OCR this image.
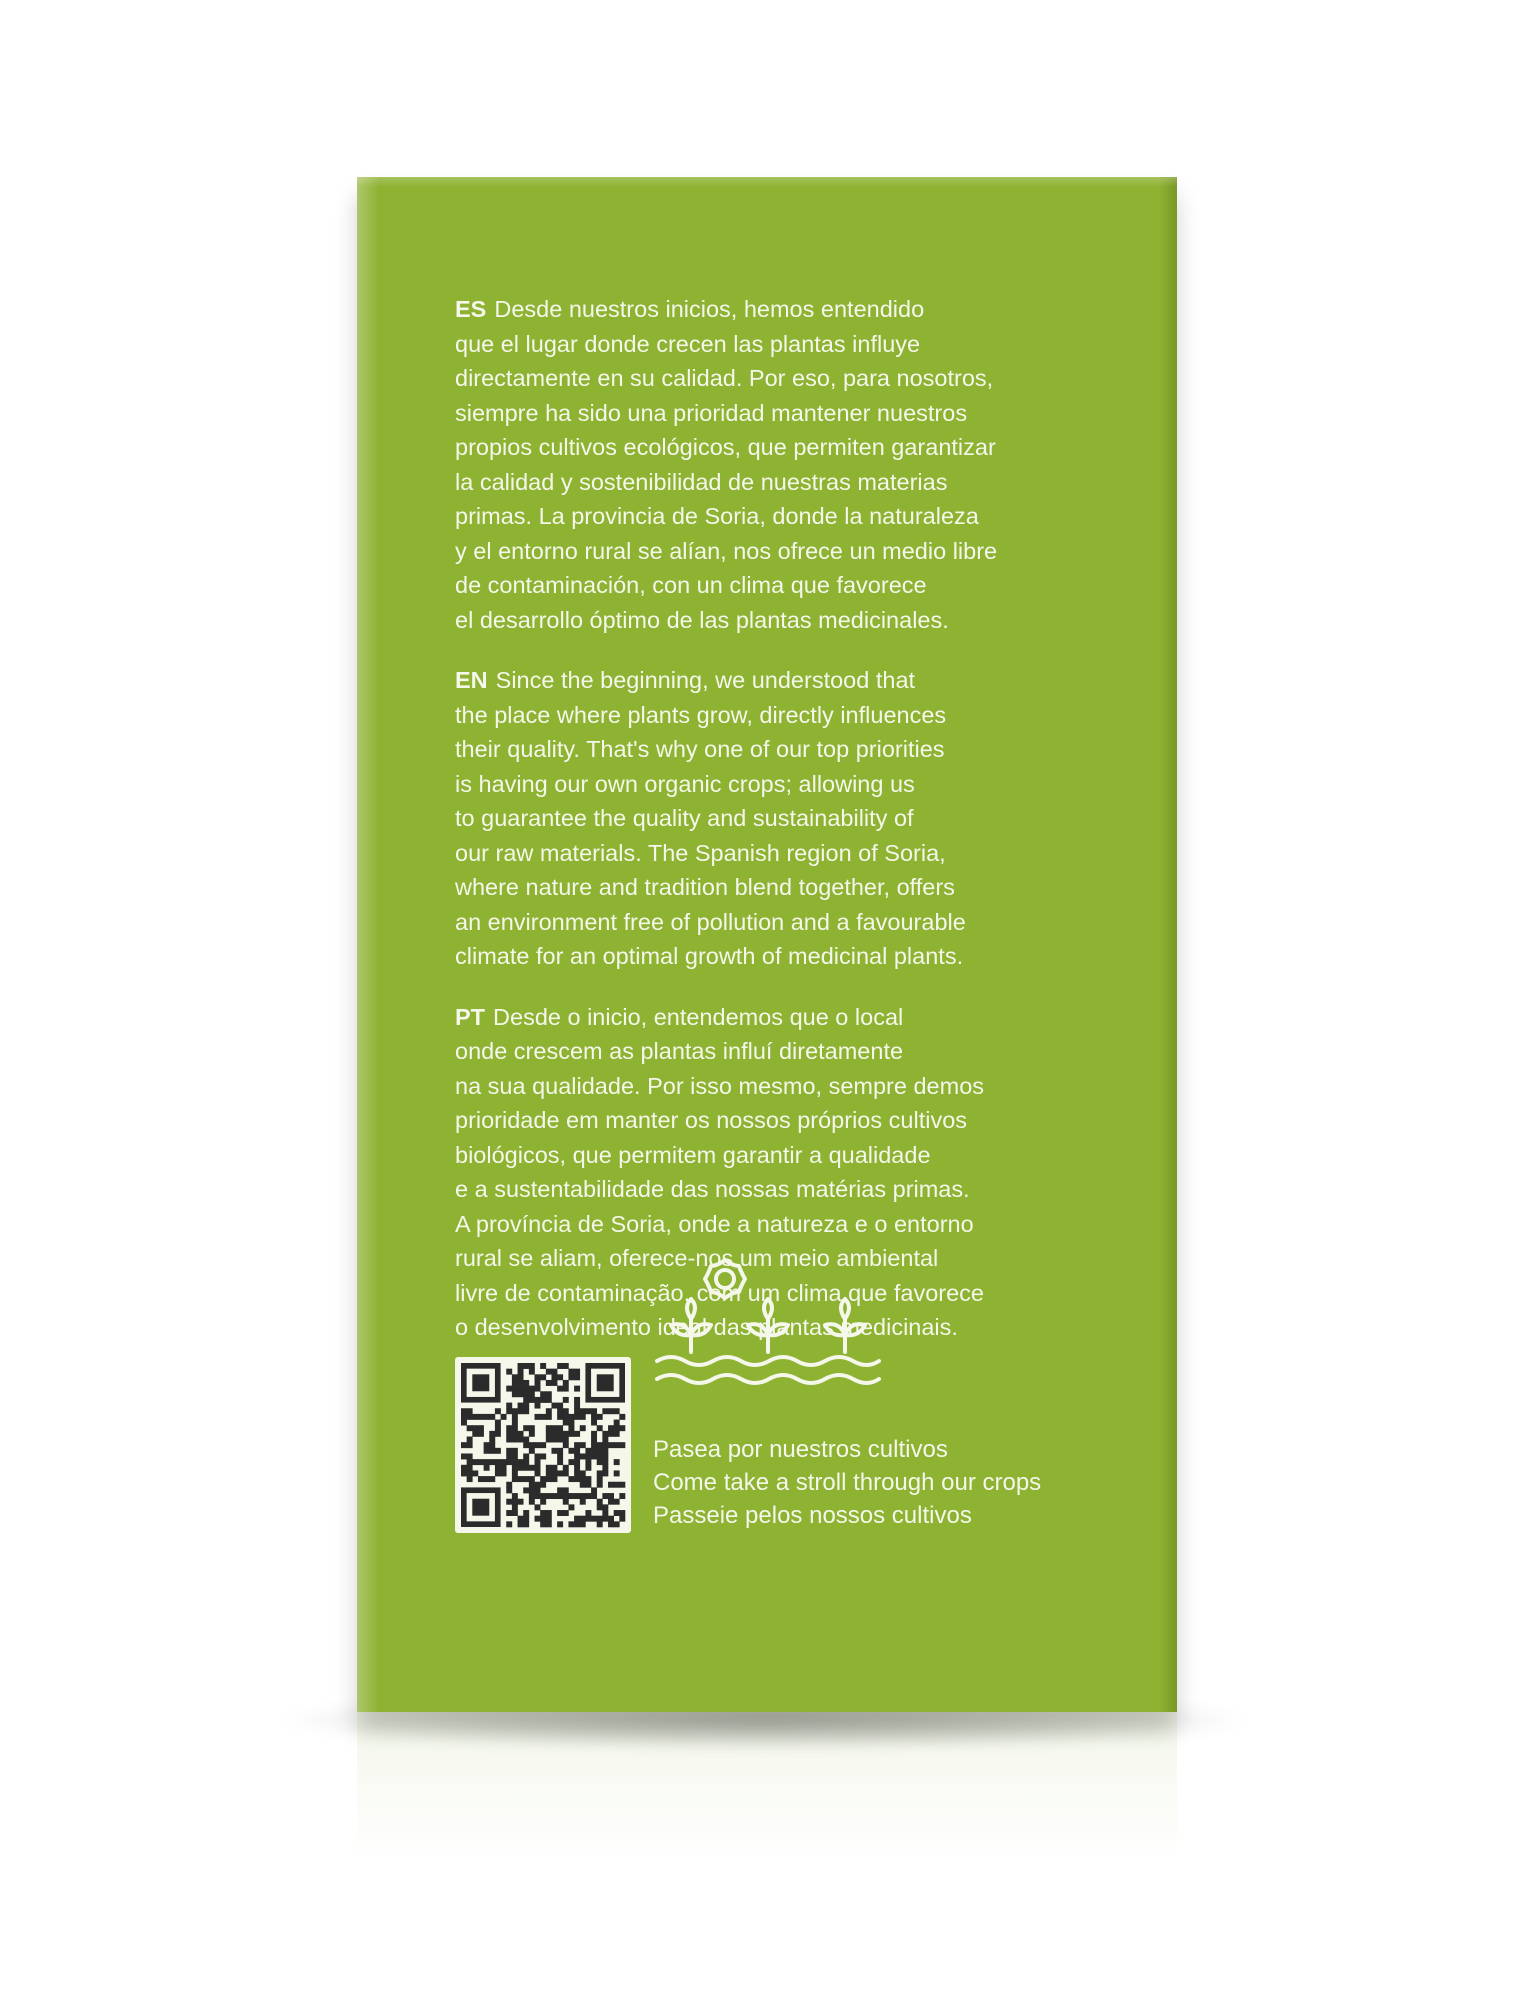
ES Desde nuestros inicios, hemos entendido
que el lugar donde crecen las plantas influye
directamente en su calidad. Por eso, para nosotros,
siempre ha sido una prioridad mantener nuestros
propios cultivos ecológicos, que permiten garantizar
la calidad y sostenibilidad de nuestras materias
primas. La provincia de Soria, donde la naturaleza
y el entorno rural se alían, nos ofrece un medio libre
de contaminación, con un clima que favorece
el desarrollo óptimo de las plantas medicinales.

EN Since the beginning, we understood that
the place where plants grow, directly influences
their quality. That's why one of our top priorities
is having our own organic crops; allowing us
to guarantee the quality and sustainability of
our raw materials. The Spanish region of Soria,
where nature and tradition blend together, offers
an environment free of pollution and a favourable
climate for an optimal growth of medicinal plants.

PT Desde o inicio, entendemos que o local
onde crescem as plantas influí diretamente
na sua qualidade. Por isso mesmo, sempre demos
prioridade em manter os nossos próprios cultivos
biológicos, que permitem garantir a qualidade
e a sustentabilidade das nossas matérias primas.
A província de Soria, onde a natureza e o entorno
rural se aliam, oferece-nos um meio ambiental
livre de contaminação, com um clima que favorece
o desenvolvimento ideal das plantas medicinais.

Pasea por nuestros cultivos
Come take a stroll through our crops
Passeie pelos nossos cultivos
